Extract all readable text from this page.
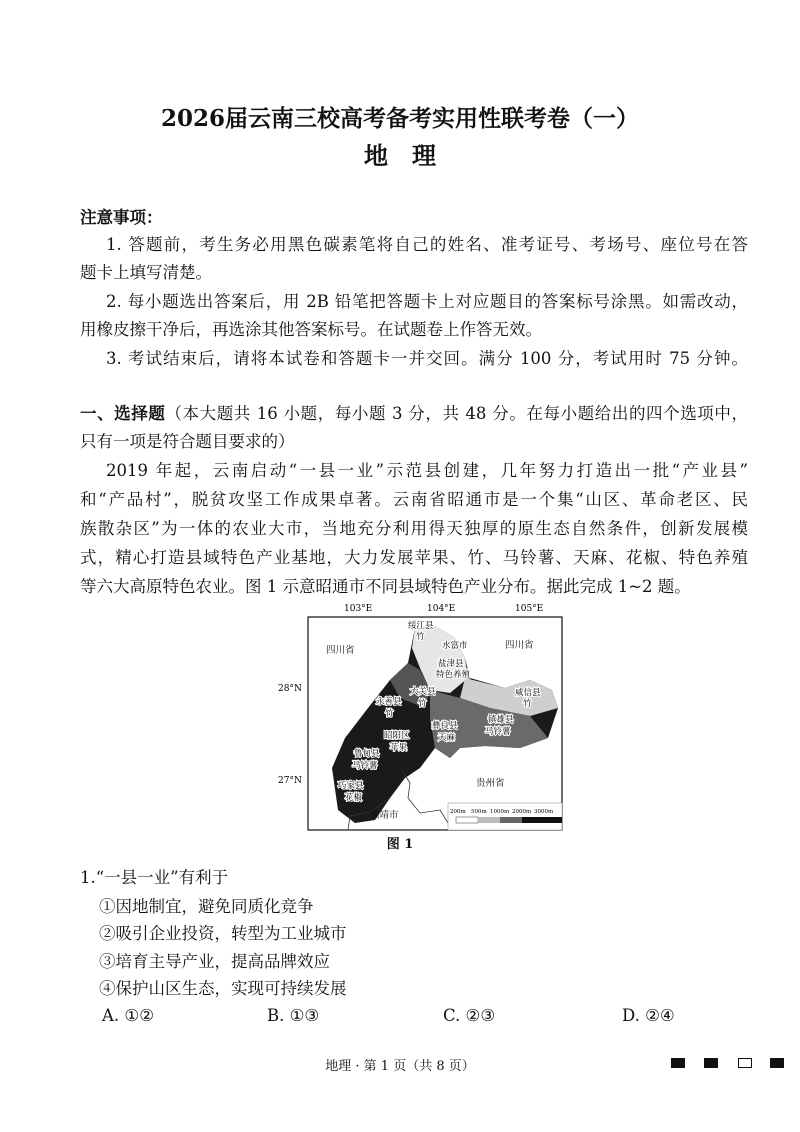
2026届云南三校高考备考实用性联考卷（一）
地　理
注意事项：
1. 答题前，考生务必用黑色碳素笔将自己的姓名、准考证号、考场号、座位号在答
题卡上填写清楚。
2. 每小题选出答案后，用 2B 铅笔把答题卡上对应题目的答案标号涂黑。如需改动，
用橡皮擦干净后，再选涂其他答案标号。在试题卷上作答无效。
3. 考试结束后，请将本试卷和答题卡一并交回。满分 100 分，考试用时 75 分钟。
一、选择题（本大题共 16 小题，每小题 3 分，共 48 分。在每小题给出的四个选项中，
只有一项是符合题目要求的）
2019 年起，云南启动“一县一业”示范县创建，几年努力打造出一批“产业县”
和“产品村”，脱贫攻坚工作成果卓著。云南省昭通市是一个集“山区、革命老区、民
族散杂区”为一体的农业大市，当地充分利用得天独厚的原生态自然条件，创新发展模
式，精心打造县域特色产业基地，大力发展苹果、竹、马铃薯、天麻、花椒、特色养殖
等六大高原特色农业。图 1 示意昭通市不同县域特色产业分布。据此完成 1~2 题。
103°E	104°E	105°E
28°N
27°N
四川省	四川省
贵州省
曲靖市
绥江县
竹
水富市
盐津县
特色养殖
大关县
竹
永善县
竹
威信县
竹
彝良县
天麻
镇雄县
马铃薯
昭阳区
苹果
鲁甸县
马铃薯
巧家县
花椒
200m 500m 1000m 2000m 3000m
图 1
1.“一县一业”有利于
①因地制宜，避免同质化竞争
②吸引企业投资，转型为工业城市
③培育主导产业，提高品牌效应
④保护山区生态，实现可持续发展
A. ①②	B. ①③	C. ②③	D. ②④
地理 · 第 1 页（共 8 页）
